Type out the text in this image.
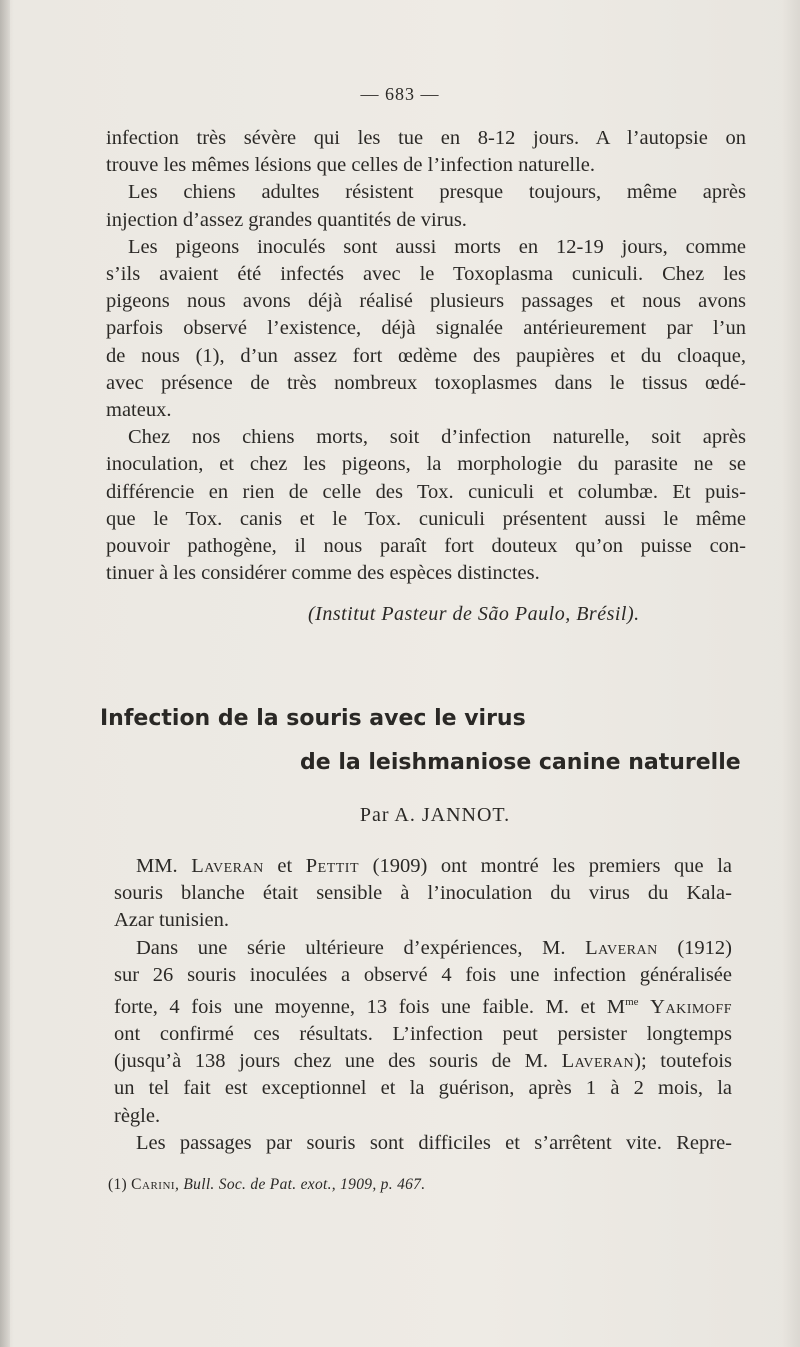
— 683 —
infection très sévère qui les tue en 8-12 jours. A l’autopsie on
trouve les mêmes lésions que celles de l’infection naturelle.
Les chiens adultes résistent presque toujours, même après
injection d’assez grandes quantités de virus.
Les pigeons inoculés sont aussi morts en 12-19 jours, comme
s’ils avaient été infectés avec le Toxoplasma cuniculi. Chez les
pigeons nous avons déjà réalisé plusieurs passages et nous avons
parfois observé l’existence, déjà signalée antérieurement par l’un
de nous (1), d’un assez fort œdème des paupières et du cloaque,
avec présence de très nombreux toxoplasmes dans le tissus œdé-
mateux.
Chez nos chiens morts, soit d’infection naturelle, soit après
inoculation, et chez les pigeons, la morphologie du parasite ne se
différencie en rien de celle des Tox. cuniculi et columbæ. Et puis-
que le Tox. canis et le Tox. cuniculi présentent aussi le même
pouvoir pathogène, il nous paraît fort douteux qu’on puisse con-
tinuer à les considérer comme des espèces distinctes.
(Institut Pasteur de São Paulo, Brésil).
Infection de la souris avec le virus
de la leishmaniose canine naturelle
Par A. JANNOT.
MM. Laveran et Pettit (1909) ont montré les premiers que la
souris blanche était sensible à l’inoculation du virus du Kala-
Azar tunisien.
Dans une série ultérieure d’expériences, M. Laveran (1912)
sur 26 souris inoculées a observé 4 fois une infection généralisée
forte, 4 fois une moyenne, 13 fois une faible. M. et $M^{me}$ Yakimoff
ont confirmé ces résultats. L’infection peut persister longtemps
(jusqu’à 138 jours chez une des souris de M. Laveran); toutefois
un tel fait est exceptionnel et la guérison, après 1 à 2 mois, la
règle.
Les passages par souris sont difficiles et s’arrêtent vite. Repre-
(1) Carini, Bull. Soc. de Pat. exot., 1909, p. 467.
